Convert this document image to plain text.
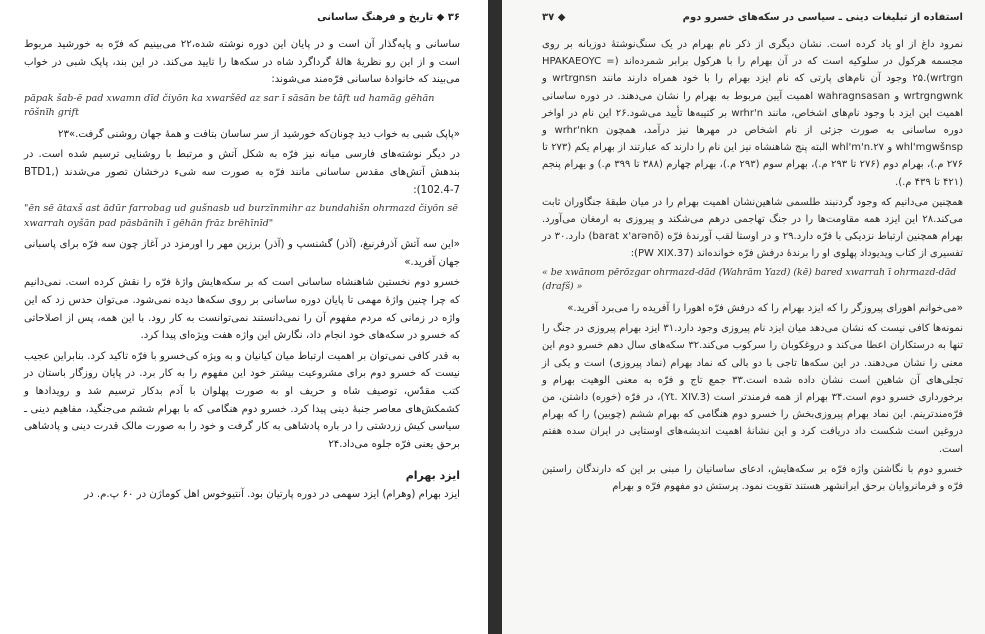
۳۶ ◆ تاریخ و فرهنگ ساسانی

ساسانی و پایه‌گذار آن است و در پایان این دوره نوشته شده،۲۲ می‌بینیم که فرّه به خورشید مربوط است و از این رو نظریهٔ هالهٔ گرداگرد شاه در سکه‌ها را تایید می‌کند. در این بند، پاپک شبی در خواب می‌بیند که خانوادهٔ ساسانی فرّه‌مند می‌شوند:

pāpak šab-ē pad xwamn dīd čiyōn ka xwaršēd az sar ī sāsān be tāft ud hamāg gēhān rōšnīh grift

«پاپک شبی به خواب دید چونان‌که خورشید از سر ساسان بتافت و همهٔ جهان روشنی گرفت.»۲۳

در دیگر نوشته‌های فارسی میانه نیز فرّه به شکل آتش و مرتبط با روشنایی ترسیم شده است. در بندهش آتش‌های مقدس ساسانی مانند فرّه به صورت سه شیء درخشان تصور می‌شدند (BTD1, 102.4-7):

"ēn sē ātaxš ast ādūr farrobag ud gušnasb ud burzīnmihr az bundahišn ohrmazd čiyōn sē xwarrah oyšān pad pāsbānīh ī gēhān frāz brēhīnīd"

«این سه آتش آذرفرنبغ، (آذر) گشنسپ و (آذر) برزین مهر را اورمزد در آغاز چون سه فرّه برای پاسبانی جهان آفرید.»

خسرو دوم نخستین شاهنشاه ساسانی است که بر سکه‌هایش واژهٔ فرّه را نقش کرده است. نمی‌دانیم که چرا چنین واژهٔ مهمی تا پایان دوره ساسانی بر روی سکه‌ها دیده نمی‌شود. می‌توان حدس زد که این واژه در زمانی که مردم مفهوم آن را نمی‌دانستند نمی‌توانست به کار رود. با این همه، پس از اصلاحاتی که خسرو در سکه‌های خود انجام داد، نگارش این واژه هفت ویژه‌ای پیدا کرد.

به قدر کافی نمی‌توان بر اهمیت ارتباط میان کیانیان و به ویژه کی‌خسرو با فرّه تاکید کرد. بنابراین عجیب نیست که خسرو دوم برای مشروعیت بیشتر خود این مفهوم را به کار برد. در پایان روزگار باستان در کتب مقدّس، توصیف شاه و حریف او به صورت پهلوان با آدم بدکار ترسیم شد و رویدادها و کشمکش‌های معاصر جنبهٔ دینی پیدا کرد. خسرو دوم هنگامی که با بهرام ششم می‌جنگید، مفاهیم دینی ـ سیاسی کیش زردشتی را در باره پادشاهی به کار گرفت و خود را به صورت مالک قدرت دینی و پادشاهی برحق یعنی فرّه جلوه می‌داد.۲۴

ایزد بهرام

ایزد بهرام (وهرام) ایزد سهمی در دوره پارتیان بود. آنتیوخوس اهل کوماژن در ۶۰ پ.م. در

استفاده از تبلیغات دینی ـ سیاسی در سکه‌های خسرو دوم
◆ ۳۷

نمرود داغ از او یاد کرده است. نشان دیگری از ذکر نام بهرام در یک سنگ‌نوشتهٔ دوزبانه بر روی مجسمه هرکول در سلوکیه است که در آن بهرام را با هرکول برابر شمرده‌اند (HPAKAEOYC = wrtrgn).۲۵ وجود آن نام‌های پارتی که نام ایزد بهرام را با خود همراه دارند مانند wrtrgnsn و wrtrgngwnk و wahragnsasan اهمیت آیین مربوط به بهرام را نشان می‌دهند. در دوره ساسانی اهمیت این ایزد با وجود نام‌های اشخاص، مانند wrhr'n بر کتیبه‌ها تأیید می‌شود.۲۶ این نام در اواخر دوره ساسانی به صورت جزئی از نام اشخاص در مهرها نیز درآمد، همچون wrhr'nkn و whl'mgwšnsp و whl'm'n.۲۷ البته پنج شاهنشاه نیز این نام را دارند که عبارتند از بهرام یکم (۲۷۳ تا ۲۷۶ م.)، بهرام دوم (۲۷۶ تا ۲۹۳ م.)، بهرام سوم (۲۹۳ م.)، بهرام چهارم (۳۸۸ تا ۳۹۹ م.) و بهرام پنجم (۴۲۱ تا ۴۳۹ م.).

همچنین می‌دانیم که وجود گردنبند طلسمی شاهین‌نشان اهمیت بهرام را در میان طبقهٔ جنگاوران ثابت می‌کند.۲۸ این ایزد همه مقاومت‌ها را در جنگ تهاجمی درهم می‌شکند و پیروزی به ارمغان می‌آورد. بهرام همچنین ارتباط نزدیکی با فرّه دارد.۲۹ و در اوستا لقب آورندهٔ فرّه (barat x'arənō) دارد.۳۰ در تفسیری از کتاب ویدیوداد پهلوی او را برندهٔ درفش فرّه خوانده‌اند (PW XIX.37):

« be xwānom pērōzgar ohrmazd-dād (Wahrām Yazd) (kē) bared xwarrah ī ohrmazd-dād (drafš) »

«می‌خوانم اهورای پیروزگر را که ایزد بهرام را که درفش فرّه اهورا را آفریده را می‌برد آفرید.»

نمونه‌ها کافی نیست که نشان می‌دهد میان ایزد نام پیروزی وجود دارد.۳۱ ایزد بهرام پیروزی در جنگ را تنها به درستکاران اعطا می‌کند و دروغکوبان را سرکوب می‌کند.۳۲ سکه‌های سال دهم خسرو دوم این معنی را نشان می‌دهند. در این سکه‌ها تاجی با دو بالی که نماد بهرام (نماد پیروزی) است و یکی از تجلی‌های آن شاهین است نشان داده شده است.۳۳ جمع تاج و فرّه به معنی الوهیت بهرام و برخورداری خسرو دوم است.۳۴ بهرام از همه فرمندتر است (Yt. XIV.3)، در فرّه (خوره) داشتن، من فرّه‌مندترینم. این نماد بهرام پیروزی‌بخش را خسرو دوم هنگامی که بهرام ششم (چوبین) را که بهرام دروغین است شکست داد دریافت کرد و این نشانهٔ اهمیت اندیشه‌های اوستایی در ایران سده هفتم است.

خسرو دوم با نگاشتن واژه فرّه بر سکه‌هایش، ادعای ساسانیان را مبنی بر این که دارندگان راستین فرّه و فرمانروایان برحق ایرانشهر هستند تقویت نمود. پرستش دو مفهوم فرّه و بهرام
